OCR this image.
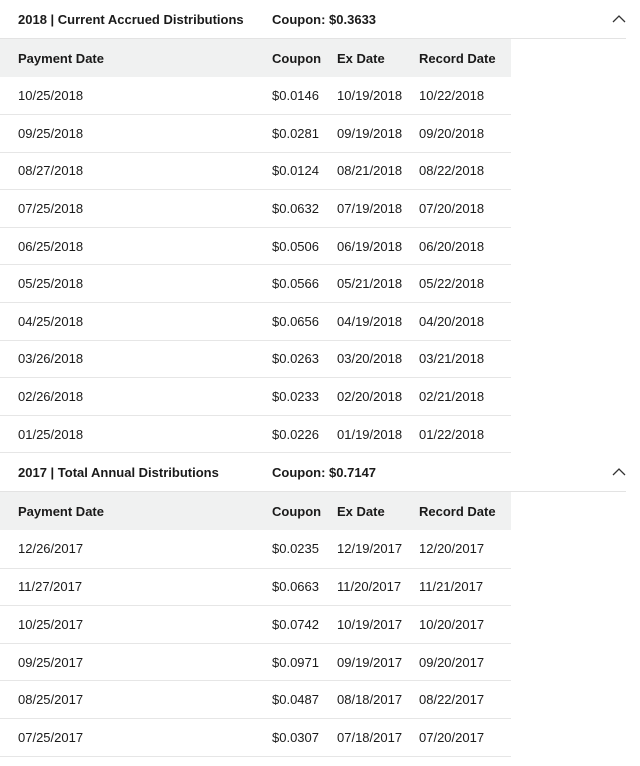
2018 | Current Accrued Distributions Coupon: $0.3633
Payment Date	Coupon	Ex Date	Record Date
10/25/2018	$0.0146	10/19/2018	10/22/2018
09/25/2018	$0.0281	09/19/2018	09/20/2018
08/27/2018	$0.0124	08/21/2018	08/22/2018
07/25/2018	$0.0632	07/19/2018	07/20/2018
06/25/2018	$0.0506	06/19/2018	06/20/2018
05/25/2018	$0.0566	05/21/2018	05/22/2018
04/25/2018	$0.0656	04/19/2018	04/20/2018
03/26/2018	$0.0263	03/20/2018	03/21/2018
02/26/2018	$0.0233	02/20/2018	02/21/2018
01/25/2018	$0.0226	01/19/2018	01/22/2018
2017 | Total Annual Distributions	Coupon: $0.7147
Payment Date	Coupon	Ex Date	Record Date
12/26/2017	$0.0235	12/19/2017	12/20/2017
11/27/2017	$0.0663	11/20/2017	11/21/2017
10/25/2017	$0.0742	10/19/2017	10/20/2017
09/25/2017	$0.0971	09/19/2017	09/20/2017
08/25/2017	$0.0487	08/18/2017	08/22/2017
07/25/2017	$0.0307	07/18/2017	07/20/2017
